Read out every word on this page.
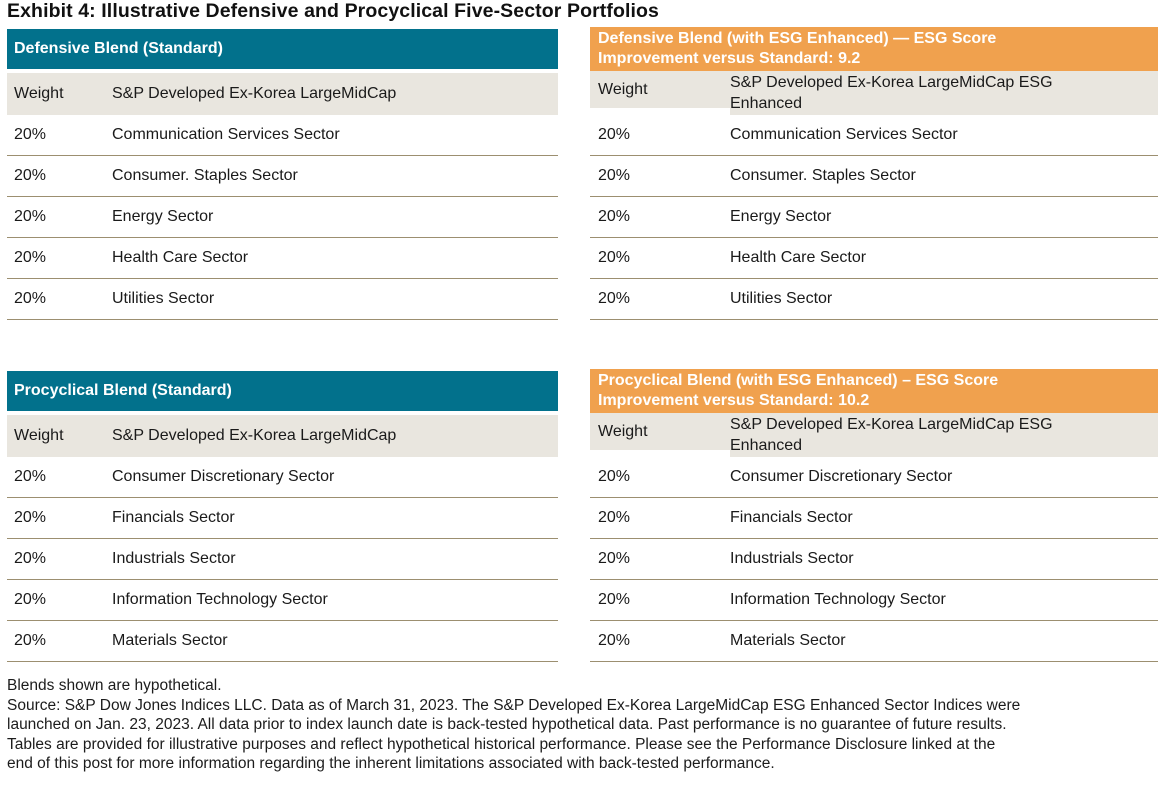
Exhibit 4: Illustrative Defensive and Procyclical Five-Sector Portfolios
Defensive Blend (Standard)
Weight	S&P Developed Ex-Korea LargeMidCap
20%	Communication Services Sector
20%	Consumer. Staples Sector
20%	Energy Sector
20%	Health Care Sector
20%	Utilities Sector
Defensive Blend (with ESG Enhanced) — ESG Score Improvement versus Standard: 9.2
Weight	S&P Developed Ex-Korea LargeMidCap ESG Enhanced
20%	Communication Services Sector
20%	Consumer. Staples Sector
20%	Energy Sector
20%	Health Care Sector
20%	Utilities Sector
Procyclical Blend (Standard)
Weight	S&P Developed Ex-Korea LargeMidCap
20%	Consumer Discretionary Sector
20%	Financials Sector
20%	Industrials Sector
20%	Information Technology Sector
20%	Materials Sector
Procyclical Blend (with ESG Enhanced) – ESG Score Improvement versus Standard: 10.2
Weight	S&P Developed Ex-Korea LargeMidCap ESG Enhanced
20%	Consumer Discretionary Sector
20%	Financials Sector
20%	Industrials Sector
20%	Information Technology Sector
20%	Materials Sector
Blends shown are hypothetical.
Source: S&P Dow Jones Indices LLC. Data as of March 31, 2023. The S&P Developed Ex-Korea LargeMidCap ESG Enhanced Sector Indices were launched on Jan. 23, 2023. All data prior to index launch date is back-tested hypothetical data. Past performance is no guarantee of future results. Tables are provided for illustrative purposes and reflect hypothetical historical performance. Please see the Performance Disclosure linked at the end of this post for more information regarding the inherent limitations associated with back-tested performance.
